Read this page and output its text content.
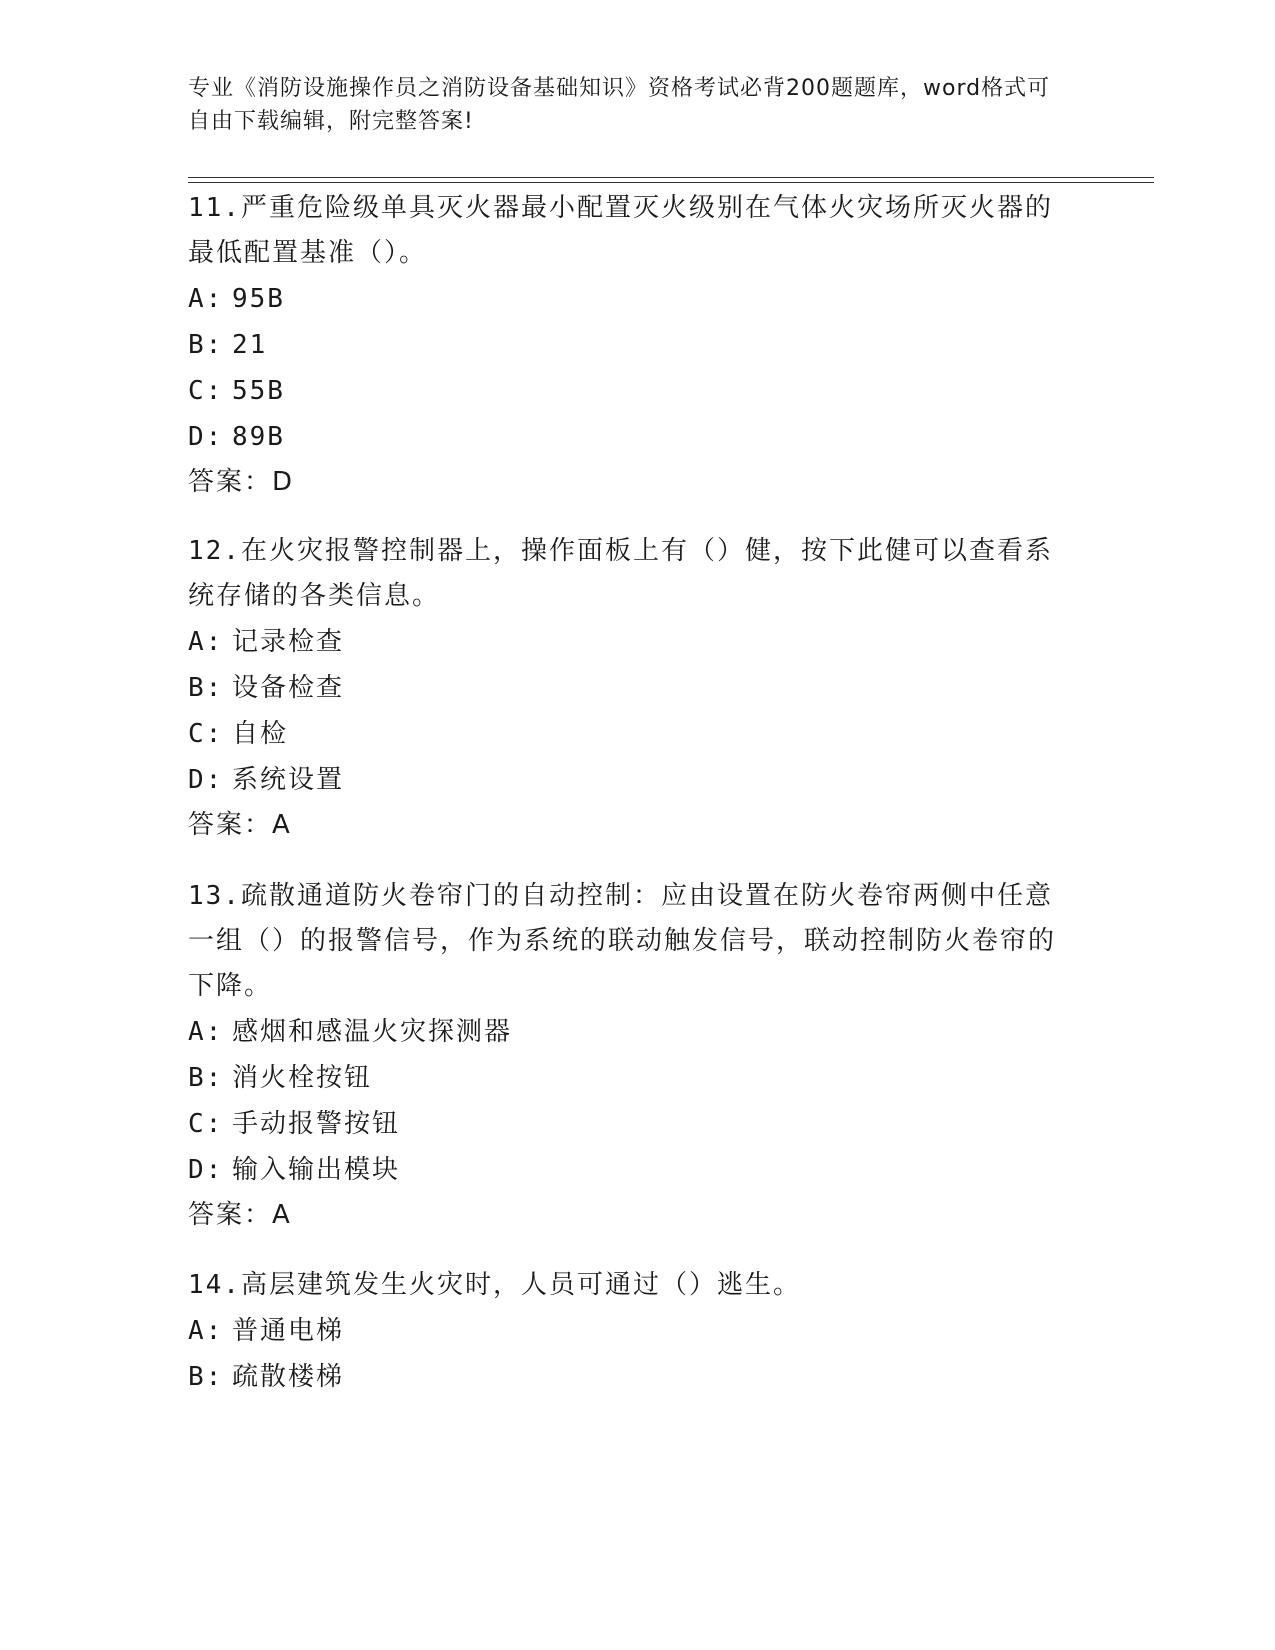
专业《消防设施操作员之消防设备基础知识》资格考试必背200题题库，word格式可自由下载编辑，附完整答案!
11.严重危险级单具灭火器最小配置灭火级别在气体火灾场所灭火器的最低配置基准（）。
A: 95B
B: 21
C: 55B
D: 89B
答案：D
12.在火灾报警控制器上，操作面板上有（）健，按下此健可以查看系统存储的各类信息。
A: 记录检查
B: 设备检查
C: 自检
D: 系统设置
答案：A
13.疏散通道防火卷帘门的自动控制：应由设置在防火卷帘两侧中任意一组（）的报警信号，作为系统的联动触发信号，联动控制防火卷帘的下降。
A: 感烟和感温火灾探测器
B: 消火栓按钮
C: 手动报警按钮
D: 输入输出模块
答案：A
14.高层建筑发生火灾时，人员可通过（）逃生。
A: 普通电梯
B: 疏散楼梯
